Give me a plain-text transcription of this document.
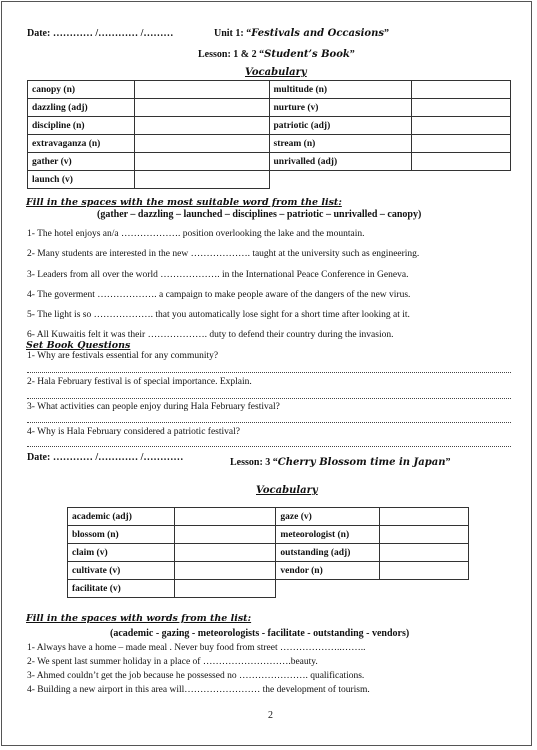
Date: ………… /………… /………	Unit 1: “Festivals and Occasions”
Lesson: 1 & 2 “Student’s Book”
Vocabulary
canopy (n)		multitude (n)	
dazzling (adj)		nurture (v)	
discipline (n)		patriotic (adj)	
extravaganza (n)		stream (n)	
gather (v)		unrivalled (adj)	
launch (v)			
Fill in the spaces with the most suitable word from the list:
(gather – dazzling – launched – disciplines – patriotic – unrivalled – canopy)
1- The hotel enjoys an/a ………………. position overlooking the lake and the mountain.
2- Many students are interested in the new ………………. taught at the university such as engineering.
3- Leaders from all over the world ………………. in the International Peace Conference in Geneva.
4- The goverment ………………. a campaign to make people aware of the dangers of the new virus.
5- The light is so ………………. that you automatically lose sight for a short time after looking at it.
6- All Kuwaitis felt it was their ………………. duty to defend their country during the invasion.
Set Book Questions
1- Why are festivals essential for any community?
2- Hala February festival is of special importance. Explain.
3- What activities can people enjoy during Hala February festival?
4- Why is Hala February considered a patriotic festival?
Date: ………… /………… /…………	Lesson: 3 “Cherry Blossom time in Japan”
Vocabulary
academic (adj)		gaze (v)	
blossom (n)		meteorologist (n)	
claim (v)		outstanding (adj)	
cultivate (v)		vendor (n)	
facilitate (v)			
Fill in the spaces with words from the list:
(academic - gazing - meteorologists - facilitate - outstanding - vendors)
1- Always have a home – made meal . Never buy food from street ………………..……..
2- We spent last summer holiday in a place of ……………………….beauty.
3- Ahmed couldn’t get the job because he possessed no …………………. qualifications.
4- Building a new airport in this area will…………………… the development of tourism.
2
